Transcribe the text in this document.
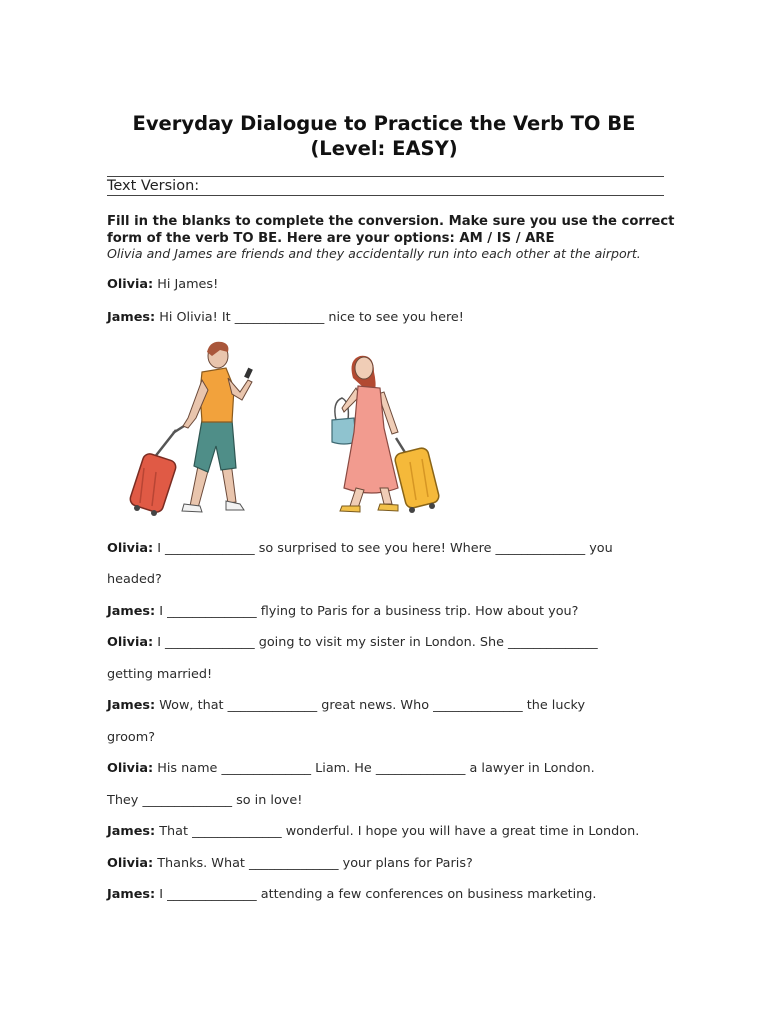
Everyday Dialogue to Practice the Verb TO BE
(Level: EASY)
Text Version:
Fill in the blanks to complete the conversion. Make sure you use the correct
form of the verb TO BE. Here are your options: AM / IS / ARE
Olivia and James are friends and they accidentally run into each other at the airport.
Olivia: Hi James!
James: Hi Olivia! It ______________ nice to see you here!
Olivia: I ______________ so surprised to see you here! Where ______________ you
headed?
James: I ______________ flying to Paris for a business trip. How about you?
Olivia: I ______________ going to visit my sister in London. She ______________
getting married!
James: Wow, that ______________ great news. Who ______________ the lucky
groom?
Olivia: His name ______________ Liam. He ______________ a lawyer in London.
They ______________ so in love!
James: That ______________ wonderful. I hope you will have a great time in London.
Olivia: Thanks. What ______________ your plans for Paris?
James: I ______________ attending a few conferences on business marketing.
